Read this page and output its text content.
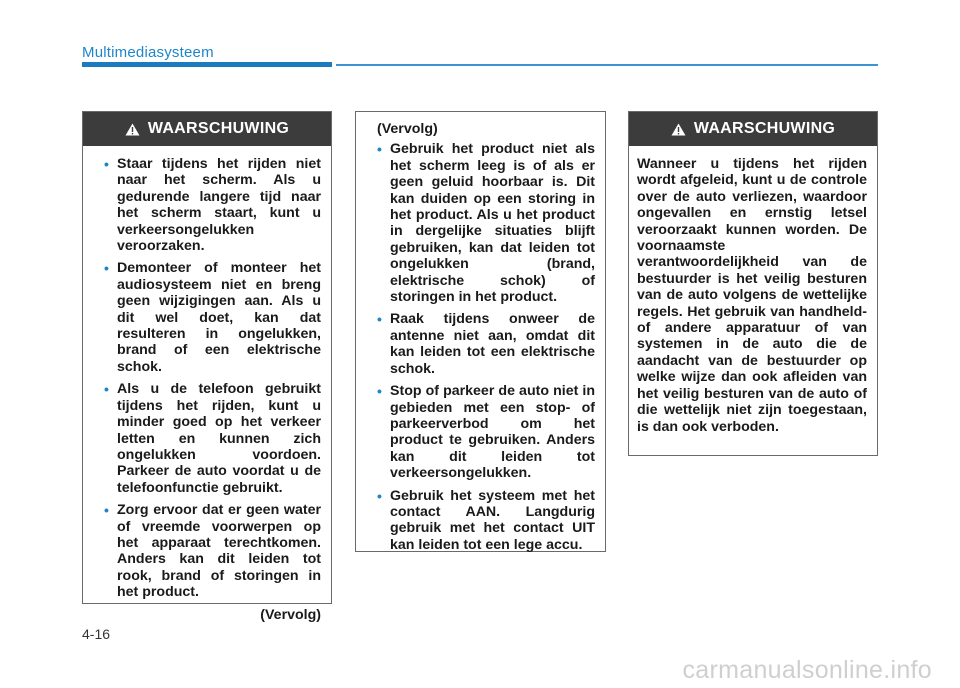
Multimediasysteem
WAARSCHUWING
• Staar tijdens het rijden niet naar het scherm. Als u gedurende langere tijd naar het scherm staart, kunt u verkeersongelukken veroorzaken.
• Demonteer of monteer het audiosysteem niet en breng geen wijzigingen aan. Als u dit wel doet, kan dat resulteren in ongelukken, brand of een elektrische schok.
• Als u de telefoon gebruikt tijdens het rijden, kunt u minder goed op het verkeer letten en kunnen zich ongelukken voordoen. Parkeer de auto voordat u de telefoonfunctie gebruikt.
• Zorg ervoor dat er geen water of vreemde voorwerpen op het apparaat terechtkomen. Anders kan dit leiden tot rook, brand of storingen in het product.
(Vervolg)
(Vervolg)
• Gebruik het product niet als het scherm leeg is of als er geen geluid hoorbaar is. Dit kan duiden op een storing in het product. Als u het product in dergelijke situaties blijft gebruiken, kan dat leiden tot ongelukken (brand, elektrische schok) of storingen in het product.
• Raak tijdens onweer de antenne niet aan, omdat dit kan leiden tot een elektrische schok.
• Stop of parkeer de auto niet in gebieden met een stop- of parkeerverbod om het product te gebruiken. Anders kan dit leiden tot verkeersongelukken.
• Gebruik het systeem met het contact AAN. Langdurig gebruik met het contact UIT kan leiden tot een lege accu.
WAARSCHUWING
Wanneer u tijdens het rijden wordt afgeleid, kunt u de controle over de auto verliezen, waardoor ongevallen en ernstig letsel veroorzaakt kunnen worden. De voornaamste verantwoordelijkheid van de bestuurder is het veilig besturen van de auto volgens de wettelijke regels. Het gebruik van handheld- of andere apparatuur of van systemen in de auto die de aandacht van de bestuurder op welke wijze dan ook afleiden van het veilig besturen van de auto of die wettelijk niet zijn toegestaan, is dan ook verboden.
4-16
carmanualsonline.info
